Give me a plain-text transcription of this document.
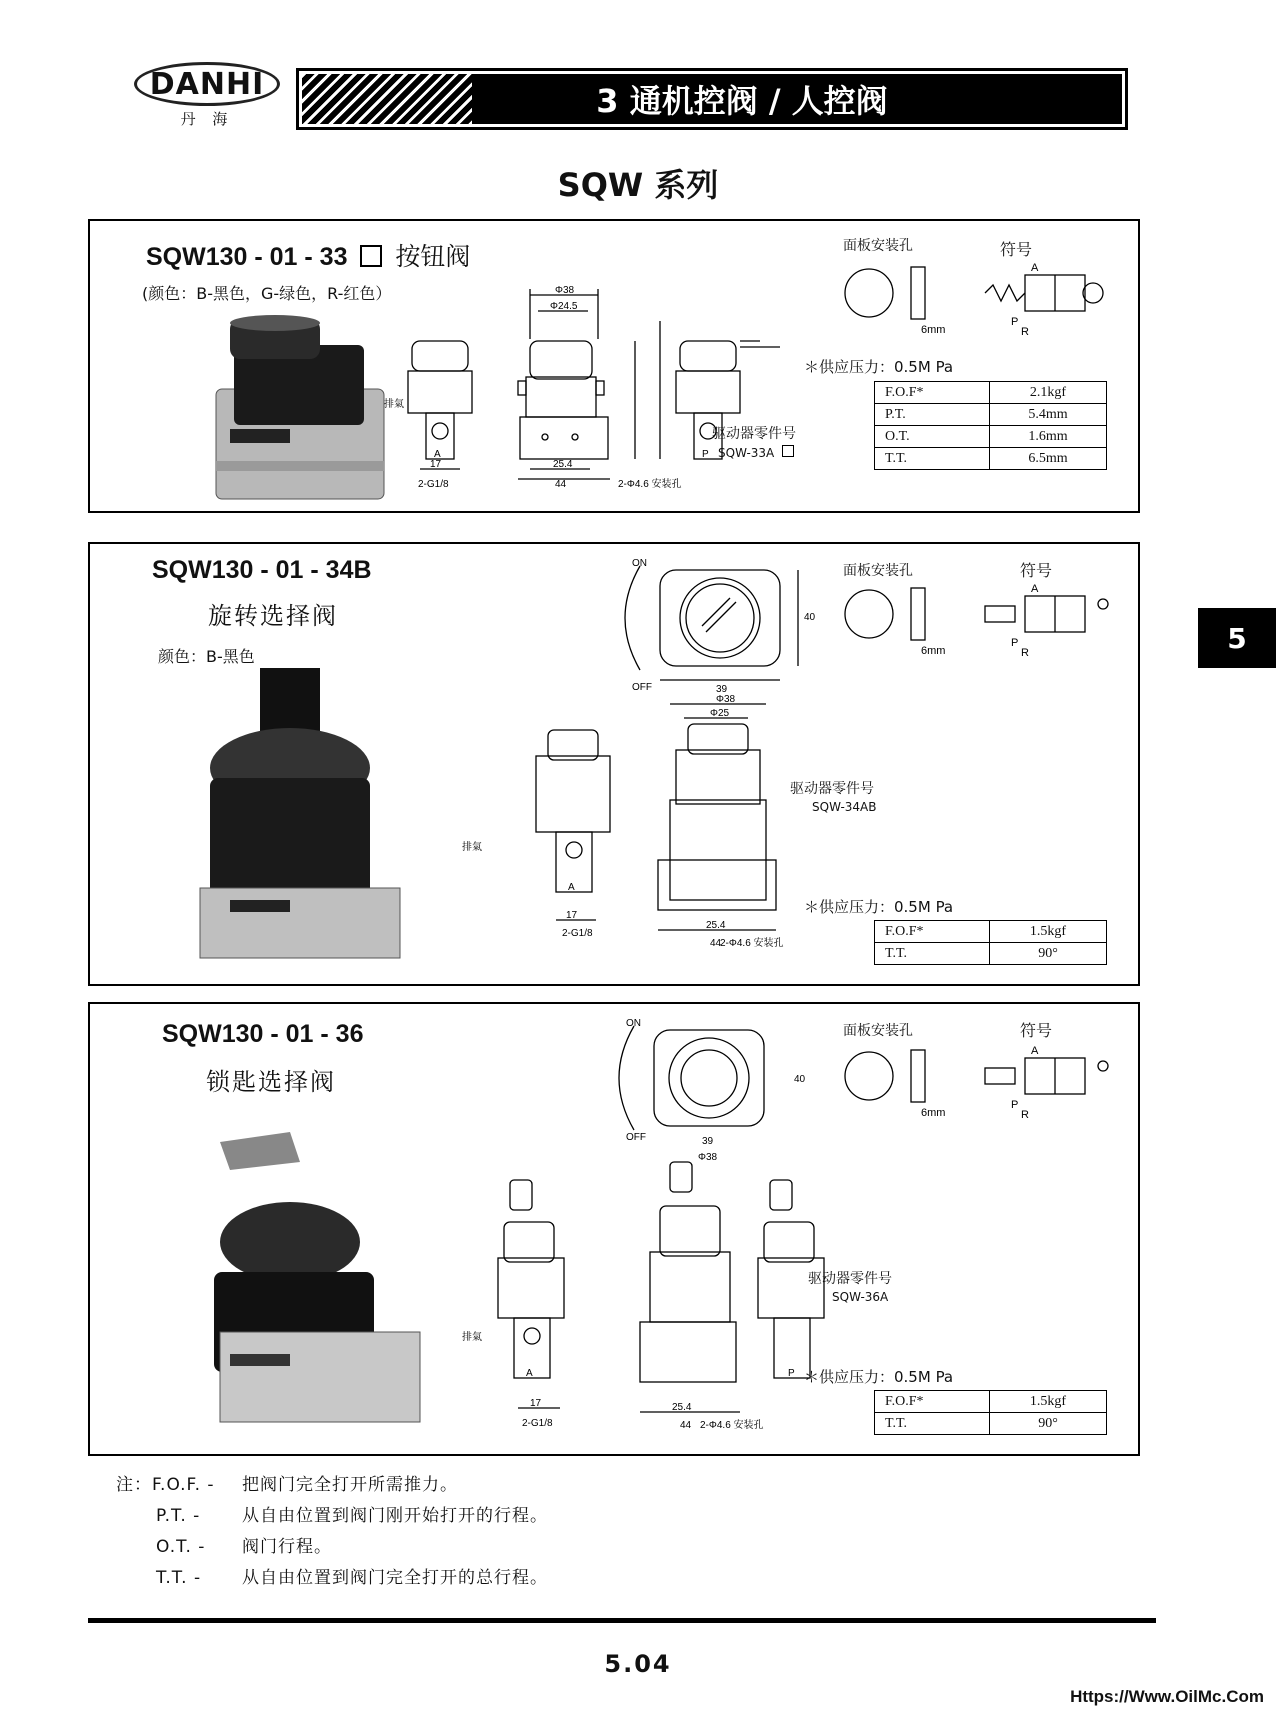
DANHI
丹 海	3 通机控阀 / 人控阀
SQW 系列
5
SQW130 - 01 - 33 按钮阀
(颜色：B-黑色，G-绿色，R-红色）	Φ38
Φ24.5
25.4
44
17
2-G1/8	2-Φ4.6 安装孔
排氣
A	P
面板安装孔	符号
6mm
A
P
R
＊供应压力：0.5M Pa
驱动器零件号
SQW-33A
F.O.F*	2.1kgf
P.T.	5.4mm
O.T.	1.6mm
T.T.	6.5mm
SQW130 - 01 - 34B
旋转选择阀
颜色：B-黑色
ON
OFF	39
40
Φ38
Φ25
25.4
44
17
2-G1/8
2-Φ4.6 安装孔
排氣
A
面板安装孔	符号
6mm
A
P
R
驱动器零件号
SQW-34AB
＊供应压力：0.5M Pa
F.O.F*	1.5kgf
T.T.	90°
SQW130 - 01 - 36
锁匙选择阀
ON
OFF	39
40
Φ38
25.4
44
17
2-G1/8	2-Φ4.6 安装孔
排氣
A	P
面板安装孔	符号
6mm
A
P
R
驱动器零件号
SQW-36A
＊供应压力：0.5M Pa
F.O.F*	1.5kgf
T.T.	90°
注：F.O.F. - 把阀门完全打开所需推力。
P.T. - 从自由位置到阀门刚开始打开的行程。
O.T. - 阀门行程。
T.T. - 从自由位置到阀门完全打开的总行程。
5.04
Https://Www.OilMc.Com
